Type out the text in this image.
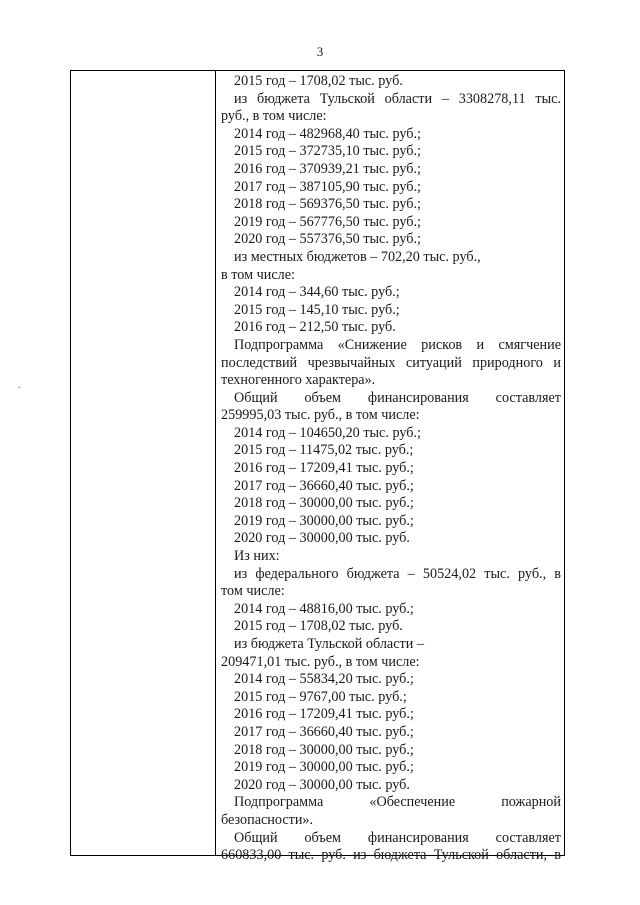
3
.
2015 год – 1708,02 тыс. руб.
из бюджета Тульской области – 3308278,11 тыс.
руб., в том числе:
2014 год – 482968,40 тыс. руб.;
2015 год – 372735,10 тыс. руб.;
2016 год – 370939,21 тыс. руб.;
2017 год – 387105,90 тыс. руб.;
2018 год – 569376,50 тыс. руб.;
2019 год – 567776,50 тыс. руб.;
2020 год – 557376,50 тыс. руб.;
из местных бюджетов – 702,20 тыс. руб.,
в том числе:
2014 год – 344,60 тыс. руб.;
2015 год – 145,10 тыс. руб.;
2016 год – 212,50 тыс. руб.
Подпрограмма «Снижение рисков и смягчение
последствий чрезвычайных ситуаций природного и
техногенного характера».
Общий объем финансирования составляет
259995,03 тыс. руб., в том числе:
2014 год – 104650,20 тыс. руб.;
2015 год – 11475,02 тыс. руб.;
2016 год – 17209,41 тыс. руб.;
2017 год – 36660,40 тыс. руб.;
2018 год – 30000,00 тыс. руб.;
2019 год – 30000,00 тыс. руб.;
2020 год – 30000,00 тыс. руб.
Из них:
из федерального бюджета – 50524,02 тыс. руб., в
том числе:
2014 год – 48816,00 тыс. руб.;
2015 год – 1708,02 тыс. руб.
из бюджета Тульской области –
209471,01 тыс. руб., в том числе:
2014 год – 55834,20 тыс. руб.;
2015 год – 9767,00 тыс. руб.;
2016 год – 17209,41 тыс. руб.;
2017 год – 36660,40 тыс. руб.;
2018 год – 30000,00 тыс. руб.;
2019 год – 30000,00 тыс. руб.;
2020 год – 30000,00 тыс. руб.
Подпрограмма «Обеспечение пожарной
безопасности».
Общий объем финансирования составляет
660833,00 тыс. руб. из бюджета Тульской области, в
